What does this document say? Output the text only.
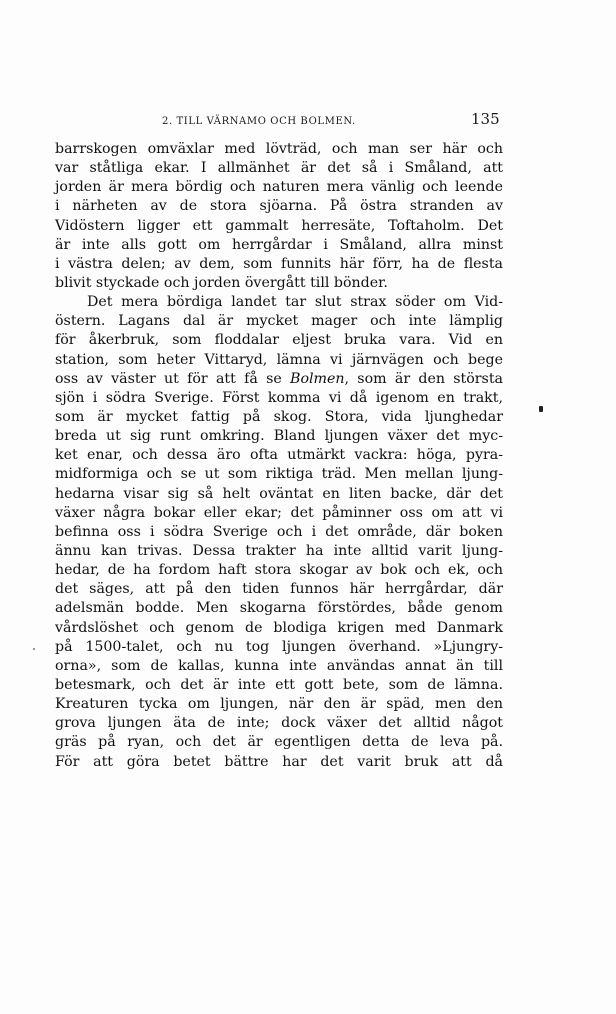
2. TILL VÄRNAMO OCH BOLMEN.	135
barrskogen omväxlar med lövträd, och man ser här och
var ståtliga ekar. I allmänhet är det så i Småland, att
jorden är mera bördig och naturen mera vänlig och leende
i närheten av de stora sjöarna. På östra stranden av
Vidöstern ligger ett gammalt herresäte, Toftaholm. Det
är inte alls gott om herrgårdar i Småland, allra minst
i västra delen; av dem, som funnits här förr, ha de flesta
blivit styckade och jorden övergått till bönder.
Det mera bördiga landet tar slut strax söder om Vid-
östern. Lagans dal är mycket mager och inte lämplig
för åkerbruk, som floddalar eljest bruka vara. Vid en
station, som heter Vittaryd, lämna vi järnvägen och bege
oss av väster ut för att få se Bolmen, som är den största
sjön i södra Sverige. Först komma vi då igenom en trakt,
som är mycket fattig på skog. Stora, vida ljunghedar
breda ut sig runt omkring. Bland ljungen växer det myc-
ket enar, och dessa äro ofta utmärkt vackra: höga, pyra-
midformiga och se ut som riktiga träd. Men mellan ljung-
hedarna visar sig så helt oväntat en liten backe, där det
växer några bokar eller ekar; det påminner oss om att vi
befinna oss i södra Sverige och i det område, där boken
ännu kan trivas. Dessa trakter ha inte alltid varit ljung-
hedar, de ha fordom haft stora skogar av bok och ek, och
det säges, att på den tiden funnos här herrgårdar, där
adelsmän bodde. Men skogarna förstördes, både genom
vårdslöshet och genom de blodiga krigen med Danmark
på 1500-talet, och nu tog ljungen överhand. »Ljungry-
orna», som de kallas, kunna inte användas annat än till
betesmark, och det är inte ett gott bete, som de lämna.
Kreaturen tycka om ljungen, när den är späd, men den
grova ljungen äta de inte; dock växer det alltid något
gräs på ryan, och det är egentligen detta de leva på.
För att göra betet bättre har det varit bruk att då
